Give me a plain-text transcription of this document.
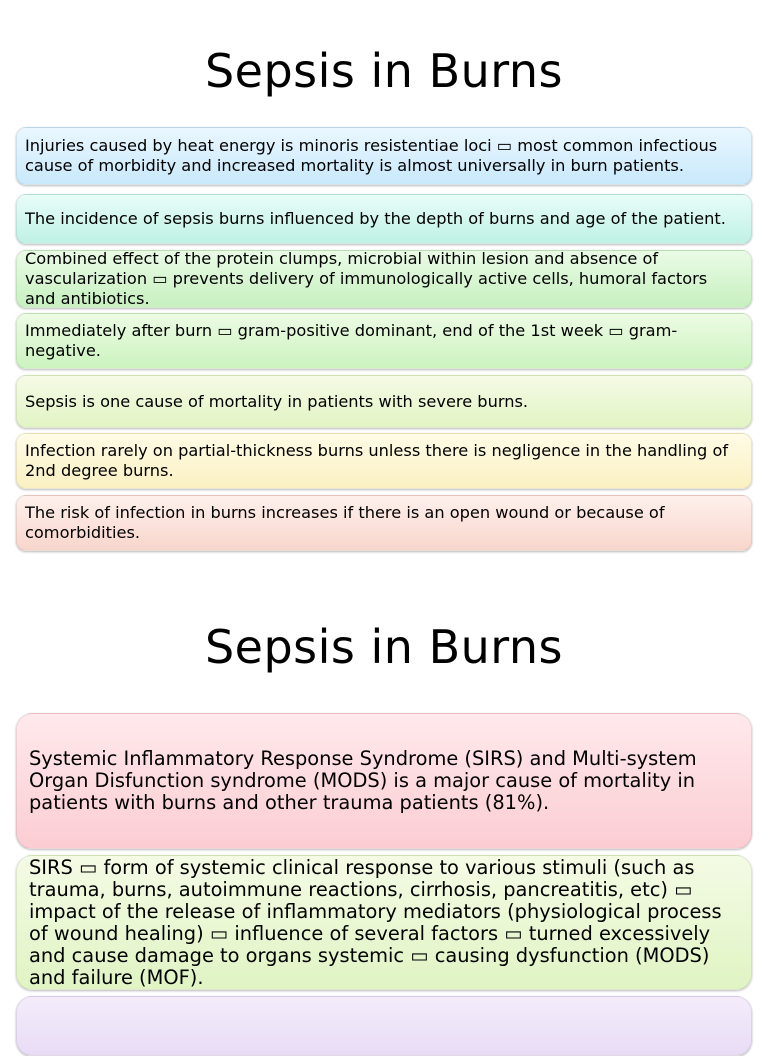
Sepsis in Burns
Injuries caused by heat energy is minoris resistentiae loci ▭ most common infectious cause of morbidity and increased mortality is almost universally in burn patients.
The incidence of sepsis burns influenced by the depth of burns and age of the patient.
Combined effect of the protein clumps, microbial within lesion and absence of vascularization ▭ prevents delivery of immunologically active cells, humoral factors and antibiotics.
Immediately after burn ▭ gram-positive dominant, end of the 1st week ▭ gram-negative.
Sepsis is one cause of mortality in patients with severe burns.
Infection rarely on partial-thickness burns unless there is negligence in the handling of 2nd degree burns.
The risk of infection in burns increases if there is an open wound or because of comorbidities.
Sepsis in Burns
Systemic Inflammatory Response Syndrome (SIRS) and Multi-system Organ Disfunction syndrome (MODS) is a major cause of mortality in patients with burns and other trauma patients (81%).
SIRS ▭ form of systemic clinical response to various stimuli (such as trauma, burns, autoimmune reactions, cirrhosis, pancreatitis, etc) ▭ impact of the release of inflammatory mediators (physiological process of wound healing) ▭ influence of several factors ▭ turned excessively and cause damage to organs systemic ▭ causing dysfunction (MODS) and failure (MOF).
